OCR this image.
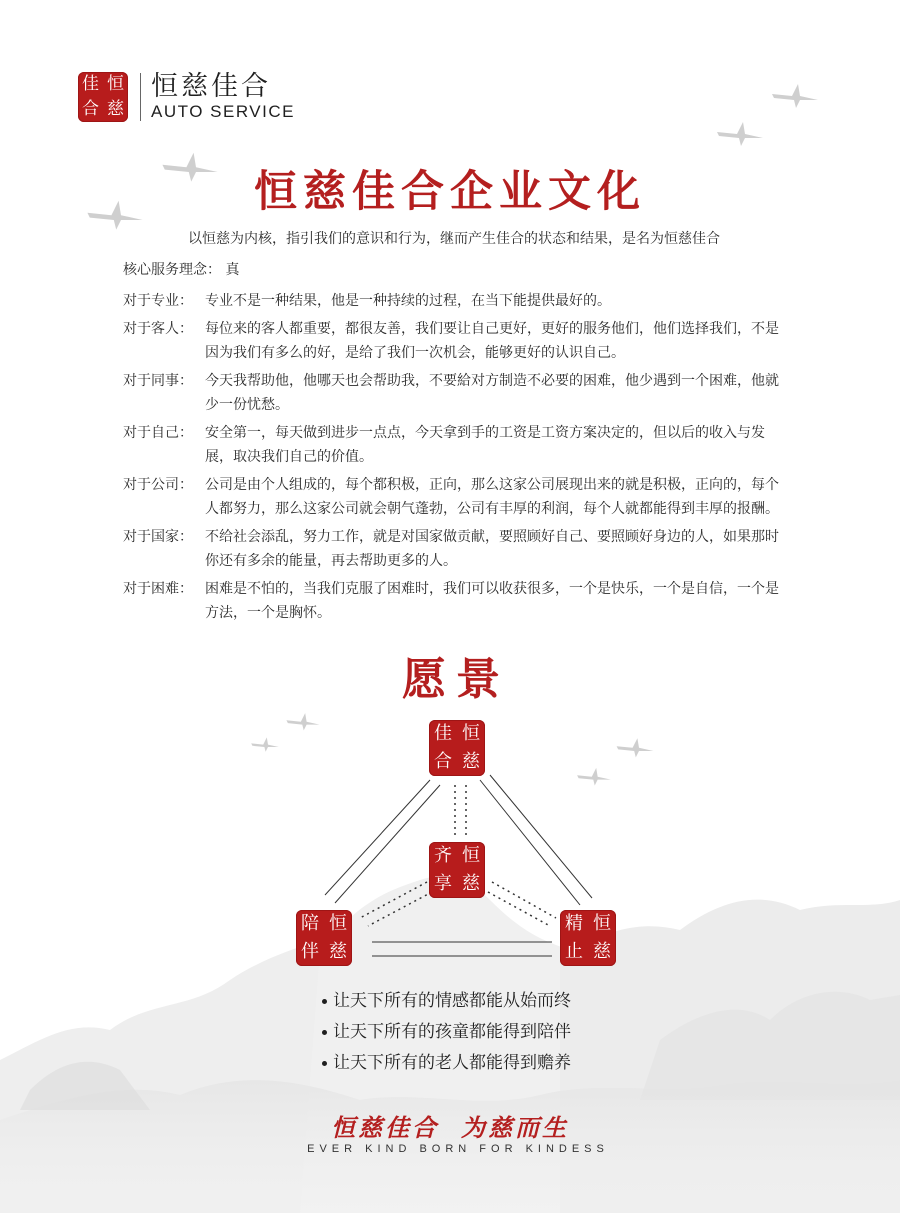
佳 恒
合 慈
恒慈佳合
AUTO SERVICE
恒慈佳合企业文化
以恒慈为内核，指引我们的意识和行为，继而产生佳合的状态和结果，是名为恒慈佳合
核心服务理念： 真
对于专业： 专业不是一种结果，他是一种持续的过程，在当下能提供最好的。
对于客人： 每位来的客人都重要，都很友善，我们要让自己更好，更好的服务他们，他们选择我们，不是因为我们有多么的好，是给了我们一次机会，能够更好的认识自己。
对于同事： 今天我帮助他，他哪天也会帮助我，不要給对方制造不必要的困难，他少遇到一个困难，他就少一份忧愁。
对于自己： 安全第一，每天做到进步一点点，今天拿到手的工资是工资方案决定的，但以后的收入与发展，取决我们自己的价值。
对于公司： 公司是由个人组成的，每个都积极，正向，那么这家公司展现出来的就是积极，正向的，每个人都努力，那么这家公司就会朝气蓬勃，公司有丰厚的利润，每个人就都能得到丰厚的报酬。
对于国家： 不给社会添乱，努力工作，就是对国家做贡献，要照顾好自己、要照顾好身边的人，如果那时你还有多余的能量，再去帮助更多的人。
对于困难： 困难是不怕的，当我们克服了困难时，我们可以收获很多，一个是快乐，一个是自信，一个是方法，一个是胸怀。
愿景
佳 恒
合 慈
齐 恒
享 慈
陪 恒
伴 慈
精 恒
止 慈
让天下所有的情感都能从始而终
让天下所有的孩童都能得到陪伴
让天下所有的老人都能得到赡养
恒慈佳合 为慈而生
EVER KIND BORN FOR KINDESS
